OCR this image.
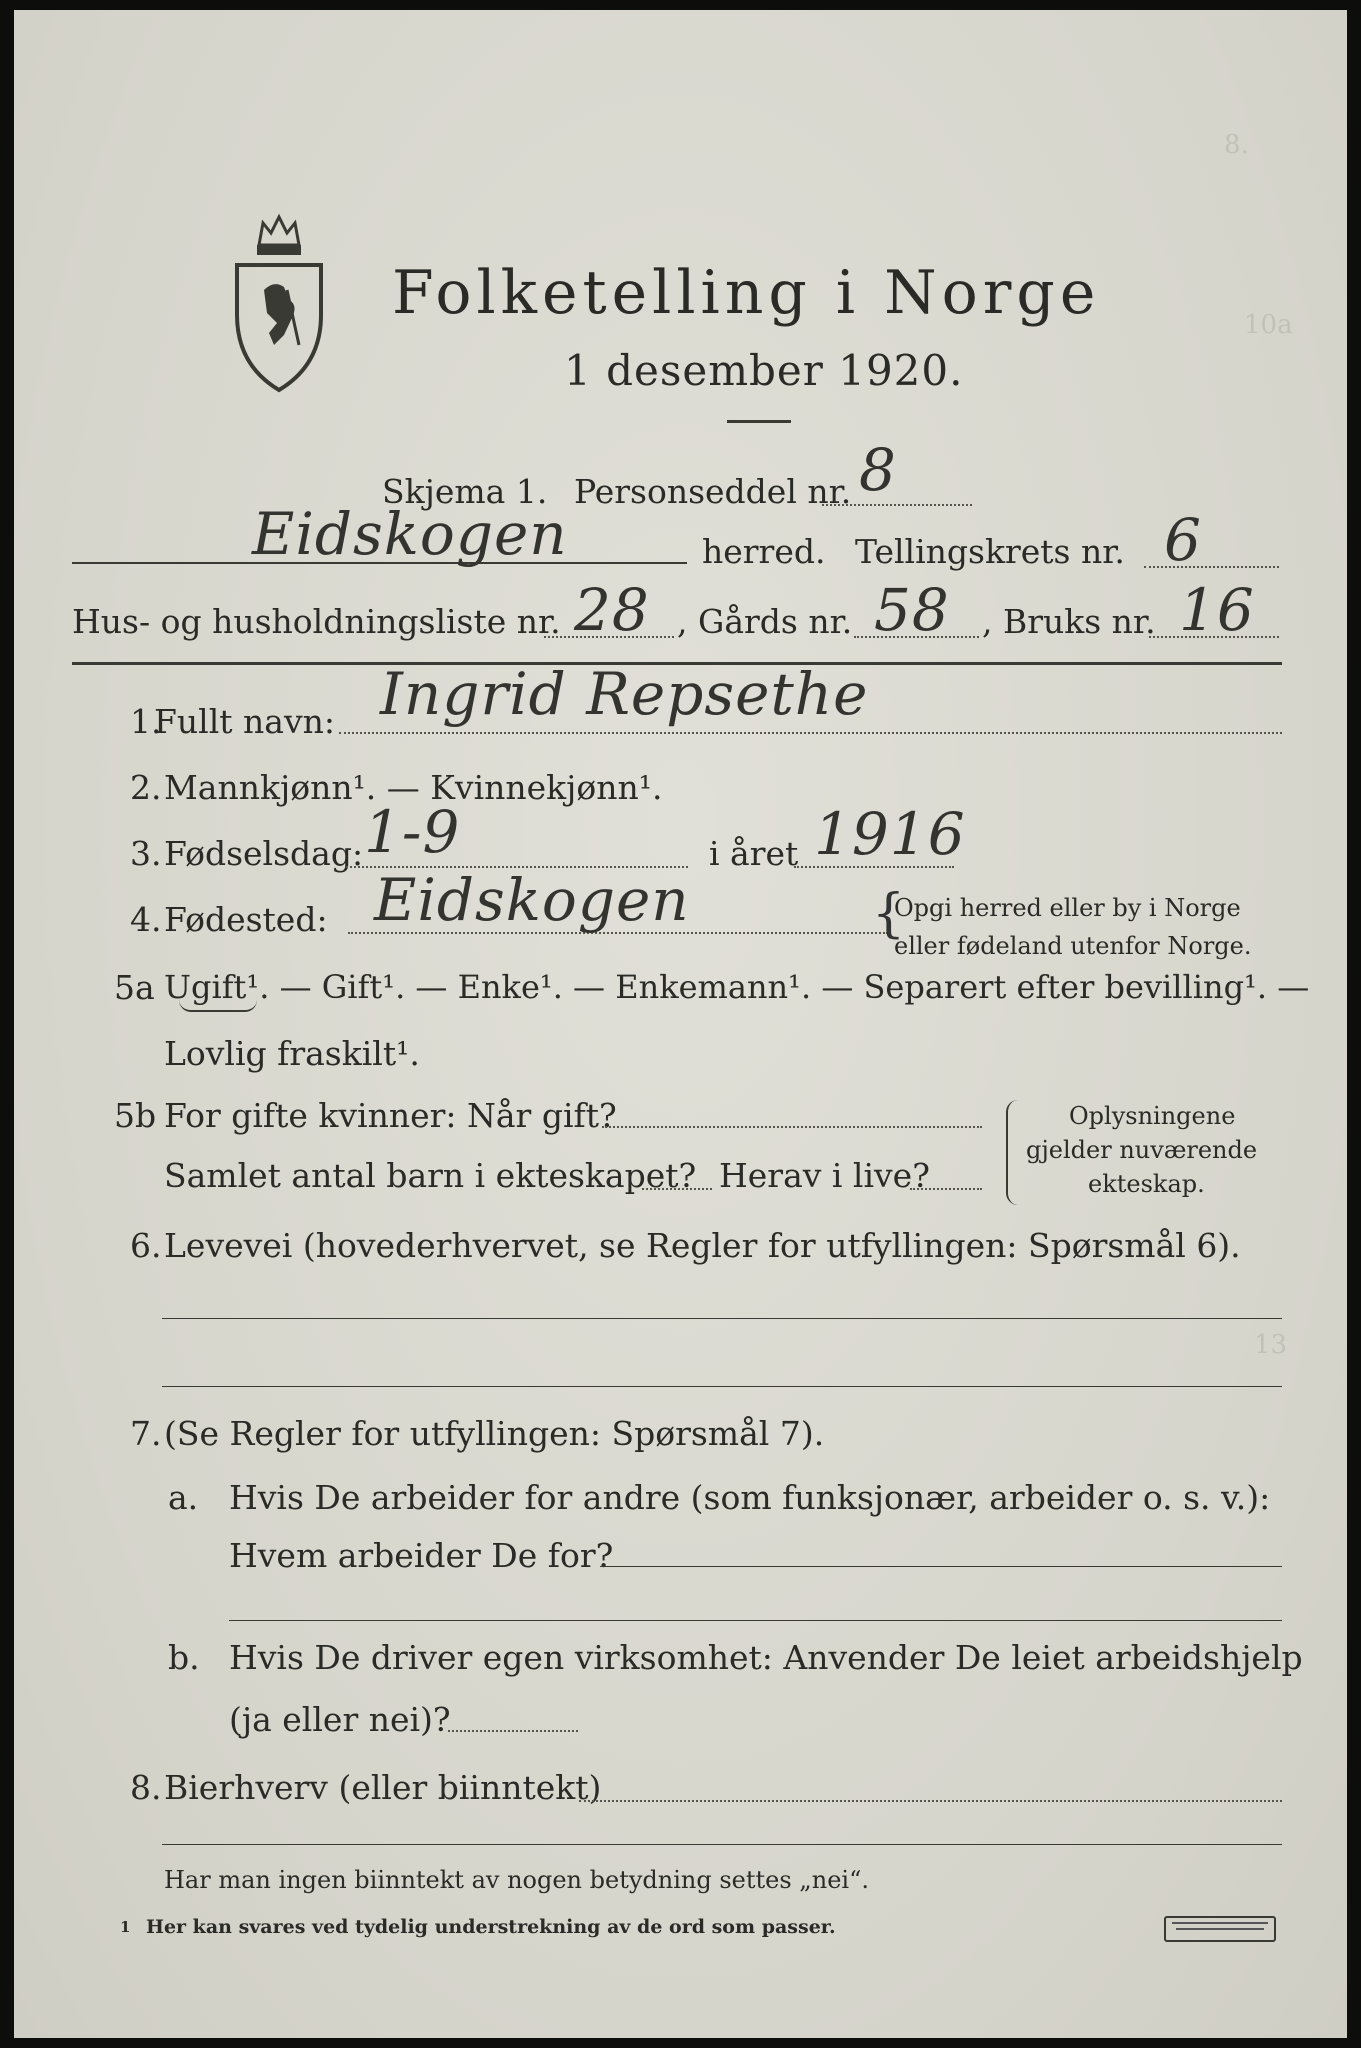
8.
10a
13
Folketelling i Norge
1 desember 1920.
Skjema 1. Personseddel nr. 8
Eidskogen	herred. Tellingskrets nr. 6
Hus- og husholdningsliste nr. 28 , Gårds nr. 58 , Bruks nr. 16
1.
Fullt navn: Ingrid Repsethe
2. Mannkjønn¹. — Kvinnekjønn¹.
3. Fødselsdag: 1-9	i året 1916
4. Fødested: Eidskogen	{
Opgi herred eller by i Norge
eller fødeland utenfor Norge.
5a Ugift¹. — Gift¹. — Enke¹. — Enkemann¹. — Separert efter bevilling¹. —
Lovlig fraskilt¹.
5b For gifte kvinner: Når gift?
Samlet antal barn i ekteskapet? Herav i live?
Oplysningene
gjelder nuværende
ekteskap.
6. Levevei (hovederhvervet, se Regler for utfyllingen: Spørsmål 6).
7. (Se Regler for utfyllingen: Spørsmål 7).
a. Hvis De arbeider for andre (som funksjonær, arbeider o. s. v.):
Hvem arbeider De for?
b. Hvis De driver egen virksomhet: Anvender De leiet arbeidshjelp
(ja eller nei)?
8. Bierhverv (eller biinntekt)
Har man ingen biinntekt av nogen betydning settes „nei“.
1 Her kan svares ved tydelig understrekning av de ord som passer.
